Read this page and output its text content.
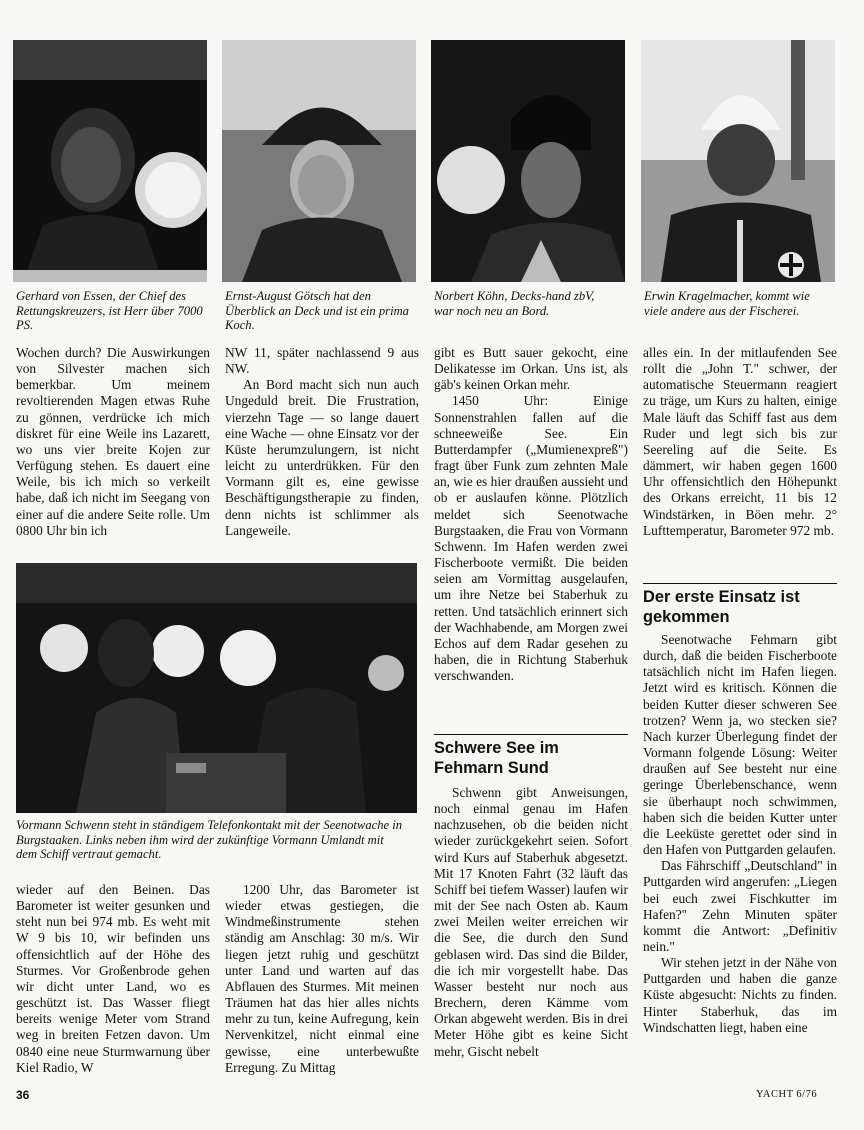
Gerhard von Essen, der Chief des Rettungskreuzers, ist Herr über 7000 PS.
Ernst-August Götsch hat den Überblick an Deck und ist ein prima Koch.
Norbert Köhn, Decks-hand zbV, war noch neu an Bord.
Erwin Kragelmacher, kommt wie viele andere aus der Fischerei.

Wochen durch? Die Auswirkungen von Silvester machen sich bemerkbar. Um meinem revoltierenden Magen etwas Ruhe zu gönnen, verdrücke ich mich diskret für eine Weile ins Lazarett, wo uns vier breite Kojen zur Verfügung stehen. Es dauert eine Weile, bis ich mich so verkeilt habe, daß ich nicht im Seegang von einer auf die andere Seite rolle. Um 0800 Uhr bin ich

NW 11, später nachlassend 9 aus NW.

An Bord macht sich nun auch Ungeduld breit. Die Frustration, vierzehn Tage — so lange dauert eine Wache — ohne Einsatz vor der Küste herumzulungern, ist nicht leicht zu unterdrükken. Für den Vormann gilt es, eine gewisse Beschäftigungstherapie zu finden, denn nichts ist schlimmer als Langeweile.

Vormann Schwenn steht in ständigem Telefonkontakt mit der Seenotwache in Burgstaaken. Links neben ihm wird der zukünftige Vormann Umlandt mit dem Schiff vertraut gemacht.

wieder auf den Beinen. Das Barometer ist weiter gesunken und steht nun bei 974 mb. Es weht mit W 9 bis 10, wir befinden uns offensichtlich auf der Höhe des Sturmes. Vor Großenbrode gehen wir dicht unter Land, wo es geschützt ist. Das Wasser fliegt bereits wenige Meter vom Strand weg in breiten Fetzen davon. Um 0840 eine neue Sturmwarnung über Kiel Radio, W

1200 Uhr, das Barometer ist wieder etwas gestiegen, die Windmeßinstrumente stehen ständig am Anschlag: 30 m/s. Wir liegen jetzt ruhig und geschützt unter Land und warten auf das Abflauen des Sturmes. Mit meinen Träumen hat das hier alles nichts mehr zu tun, keine Aufregung, kein Nervenkitzel, nicht einmal eine gewisse, eine unterbewußte Erregung. Zu Mittag

gibt es Butt sauer gekocht, eine Delikatesse im Orkan. Uns ist, als gäb's keinen Orkan mehr.

1450 Uhr: Einige Sonnenstrahlen fallen auf die schneeweiße See. Ein Butterdampfer („Mumienexpreß") fragt über Funk zum zehnten Male an, wie es hier draußen aussieht und ob er auslaufen könne. Plötzlich meldet sich Seenotwache Burgstaaken, die Frau von Vormann Schwenn. Im Hafen werden zwei Fischerboote vermißt. Die beiden seien am Vormittag ausgelaufen, um ihre Netze bei Staberhuk zu retten. Und tatsächlich erinnert sich der Wachhabende, am Morgen zwei Echos auf dem Radar gesehen zu haben, die in Richtung Staberhuk verschwanden.

Schwere See im Fehmarn Sund

Schwenn gibt Anweisungen, noch einmal genau im Hafen nachzusehen, ob die beiden nicht wieder zurückgekehrt seien. Sofort wird Kurs auf Staberhuk abgesetzt. Mit 17 Knoten Fahrt (32 läuft das Schiff bei tiefem Wasser) laufen wir mit der See nach Osten ab. Kaum zwei Meilen weiter erreichen wir die See, die durch den Sund geblasen wird. Das sind die Bilder, die ich mir vorgestellt habe. Das Wasser besteht nur noch aus Brechern, deren Kämme vom Orkan abgeweht werden. Bis in drei Meter Höhe gibt es keine Sicht mehr, Gischt nebelt

alles ein. In der mitlaufenden See rollt die „John T." schwer, der automatische Steuermann reagiert zu träge, um Kurs zu halten, einige Male läuft das Schiff fast aus dem Ruder und legt sich bis zur Seereling auf die Seite. Es dämmert, wir haben gegen 1600 Uhr offensichtlich den Höhepunkt des Orkans erreicht, 11 bis 12 Windstärken, in Böen mehr. 2° Lufttemperatur, Barometer 972 mb.

Der erste Einsatz ist gekommen

Seenotwache Fehmarn gibt durch, daß die beiden Fischerboote tatsächlich nicht im Hafen liegen. Jetzt wird es kritisch. Können die beiden Kutter dieser schweren See trotzen? Wenn ja, wo stecken sie? Nach kurzer Überlegung findet der Vormann folgende Lösung: Weiter draußen auf See besteht nur eine geringe Überlebenschance, wenn sie überhaupt noch schwimmen, haben sich die beiden Kutter unter die Leeküste gerettet oder sind in den Hafen von Puttgarden gelaufen.

Das Fährschiff „Deutschland" in Puttgarden wird angerufen: „Liegen bei euch zwei Fischkutter im Hafen?" Zehn Minuten später kommt die Antwort: „Definitiv nein."

Wir stehen jetzt in der Nähe von Puttgarden und haben die ganze Küste abgesucht: Nichts zu finden. Hinter Staberhuk, das im Windschatten liegt, haben eine

36	YACHT 6/76
